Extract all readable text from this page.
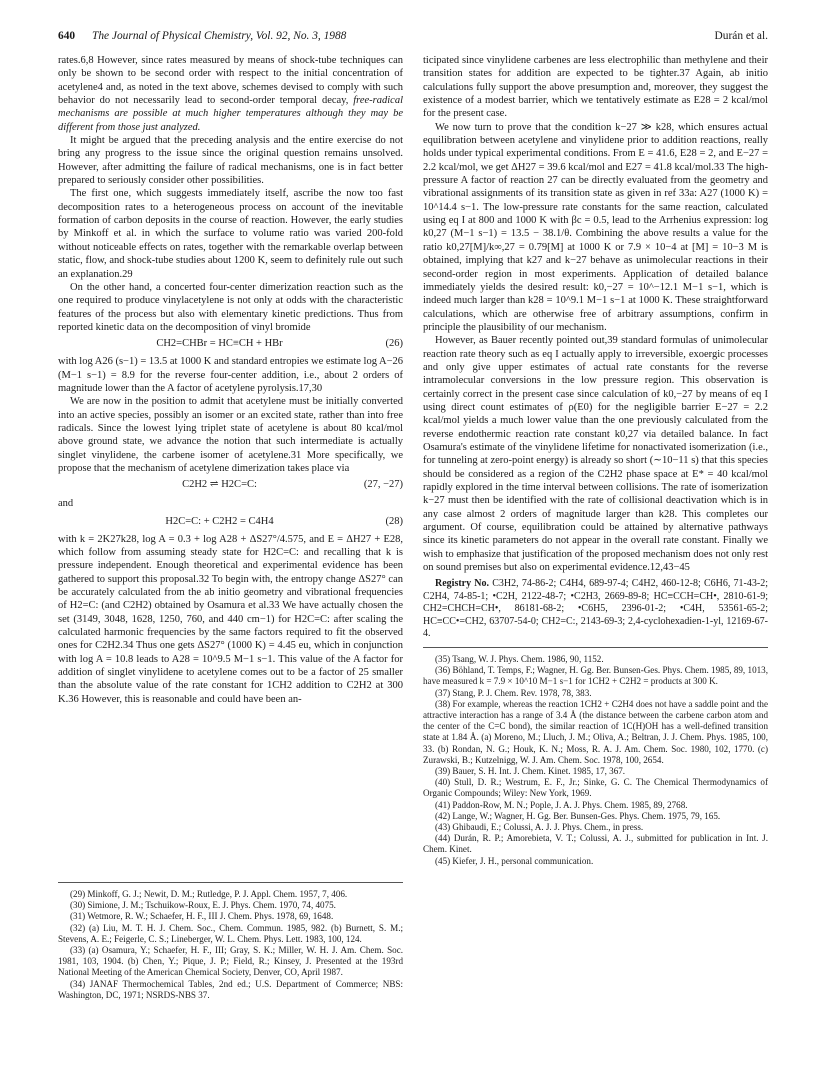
640 The Journal of Physical Chemistry, Vol. 92, No. 3, 1988	Durán et al.

rates.6,8 However, since rates measured by means of shock-tube techniques can only be shown to be second order with respect to the initial concentration of acetylene4 and, as noted in the text above, schemes devised to comply with such behavior do not necessarily lead to second-order temporal decay, free-radical mechanisms are possible at much higher temperatures although they may be different from those just analyzed.

It might be argued that the preceding analysis and the entire exercise do not bring any progress to the issue since the original question remains unsolved. However, after admitting the failure of radical mechanisms, one is in fact better prepared to seriously consider other possibilities.

The first one, which suggests immediately itself, ascribe the now too fast decomposition rates to a heterogeneous process on account of the inevitable formation of carbon deposits in the course of reaction. However, the early studies by Minkoff et al. in which the surface to volume ratio was varied 200-fold without noticeable effects on rates, together with the remarkable overlap between static, flow, and shock-tube studies about 1200 K, seem to definitely rule out such an explanation.29

On the other hand, a concerted four-center dimerization reaction such as the one required to produce vinylacetylene is not only at odds with the characteristic features of the process but also with elementary kinetic predictions. Thus from reported kinetic data on the decomposition of vinyl bromide

CH2=CHBr = HC≡CH + HBr	(26)

with log A26 (s−1) = 13.5 at 1000 K and standard entropies we estimate log A−26 (M−1 s−1) = 8.9 for the reverse four-center addition, i.e., about 2 orders of magnitude lower than the A factor of acetylene pyrolysis.17,30

We are now in the position to admit that acetylene must be initially converted into an active species, possibly an isomer or an excited state, rather than into free radicals. Since the lowest lying triplet state of acetylene is about 80 kcal/mol above ground state, we advance the notion that such intermediate is actually singlet vinylidene, the carbene isomer of acetylene.31 More specifically, we propose that the mechanism of acetylene dimerization takes place via

C2H2 ⇌ H2C=C:	(27, −27)
and
H2C=C: + C2H2 = C4H4	(28)

with k = 2K27k28, log A = 0.3 + log A28 + ΔS27°/4.575, and E = ΔH27 + E28, which follow from assuming steady state for H2C=C: and recalling that k is pressure independent. Enough theoretical and experimental evidence has been gathered to support this proposal.32 To begin with, the entropy change ΔS27° can be accurately calculated from the ab initio geometry and vibrational frequencies of H2=C: (and C2H2) obtained by Osamura et al.33 We have actually chosen the set (3149, 3048, 1628, 1250, 760, and 440 cm−1) for H2C=C: after scaling the calculated harmonic frequencies by the same factors required to fit the observed ones for C2H2.34 Thus one gets ΔS27° (1000 K) = 4.45 eu, which in conjunction with log A = 10.8 leads to A28 = 10^9.5 M−1 s−1. This value of the A factor for addition of singlet vinylidene to acetylene comes out to be a factor of 25 smaller than the absolute value of the rate constant for 1CH2 addition to C2H2 at 300 K.36 However, this is reasonable and could have been an-

ticipated since vinylidene carbenes are less electrophilic than methylene and their transition states for addition are expected to be tighter.37 Again, ab initio calculations fully support the above presumption and, moreover, they suggest the existence of a modest barrier, which we tentatively estimate as E28 = 2 kcal/mol for the present case.

We now turn to prove that the condition k−27 ≫ k28, which ensures actual equilibration between acetylene and vinylidene prior to addition reactions, really holds under typical experimental conditions. From E = 41.6, E28 = 2, and E−27 = 2.2 kcal/mol, we get ΔH27 = 39.6 kcal/mol and E27 = 41.8 kcal/mol.33 The high-pressure A factor of reaction 27 can be directly evaluated from the geometry and vibrational assignments of its transition state as given in ref 33a: A27 (1000 K) = 10^14.4 s−1. The low-pressure rate constants for the same reaction, calculated using eq I at 800 and 1000 K with βc = 0.5, lead to the Arrhenius expression: log k0,27 (M−1 s−1) = 13.5 − 38.1/θ. Combining the above results a value for the ratio k0,27[M]/k∞,27 = 0.79[M] at 1000 K or 7.9 × 10−4 at [M] = 10−3 M is obtained, implying that k27 and k−27 behave as unimolecular reactions in their second-order region in most experiments. Application of detailed balance immediately yields the desired result: k0,−27 = 10^−12.1 M−1 s−1, which is indeed much larger than k28 = 10^9.1 M−1 s−1 at 1000 K. These straightforward calculations, which are otherwise free of arbitrary assumptions, confirm in principle the plausibility of our mechanism.

However, as Bauer recently pointed out,39 standard formulas of unimolecular reaction rate theory such as eq I actually apply to irreversible, exoergic processes and only give upper estimates of actual rate constants for the reverse intramolecular conversions in the low pressure region. This observation is certainly correct in the present case since calculation of k0,−27 by means of eq I using direct count estimates of ρ(E0) for the negligible barrier E−27 = 2.2 kcal/mol yields a much lower value than the one previously calculated from the reverse endothermic reaction rate constant k0,27 via detailed balance. In fact Osamura's estimate of the vinylidene lifetime for nonactivated isomerization (i.e., for tunneling at zero-point energy) is already so short (∼10−11 s) that this species should be considered as a region of the C2H2 phase space at E* = 40 kcal/mol rapidly explored in the time interval between collisions. The rate of isomerization k−27 must then be identified with the rate of collisional deactivation which is in any case almost 2 orders of magnitude larger than k28. This completes our argument. Of course, equilibration could be attained by alternative pathways since its kinetic parameters do not appear in the overall rate constant. Finally we wish to emphasize that justification of the proposed mechanism does not only rest on sound premises but also on experimental evidence.12,43−45

Registry No. C3H2, 74-86-2; C4H4, 689-97-4; C4H2, 460-12-8; C6H6, 71-43-2; C2H4, 74-85-1; •C2H, 2122-48-7; •C2H3, 2669-89-8; HC≡CCH=CH•, 2810-61-9; CH2=CHCH=CH•, 86181-68-2; •C6H5, 2396-01-2; •C4H, 53561-65-2; HC≡CC•=CH2, 63707-54-0; CH2=C:, 2143-69-3; 2,4-cyclohexadien-1-yl, 12169-67-4.
(35) Tsang, W. J. Phys. Chem. 1986, 90, 1152.
(36) Böhland, T. Temps, F.; Wagner, H. Gg. Ber. Bunsen-Ges. Phys. Chem. 1985, 89, 1013, have measured k = 7.9 × 10^10 M−1 s−1 for 1CH2 + C2H2 = products at 300 K.
(37) Stang, P. J. Chem. Rev. 1978, 78, 383.
(38) For example, whereas the reaction 1CH2 + C2H4 does not have a saddle point and the attractive interaction has a range of 3.4 Å (the distance between the carbene carbon atom and the center of the C=C bond), the similar reaction of 1C(H)OH has a well-defined transition state at 1.84 Å. (a) Moreno, M.; Lluch, J. M.; Oliva, A.; Beltran, J. J. Chem. Phys. 1985, 100, 33. (b) Rondan, N. G.; Houk, K. N.; Moss, R. A. J. Am. Chem. Soc. 1980, 102, 1770. (c) Zurawski, B.; Kutzelnigg, W. J. Am. Chem. Soc. 1978, 100, 2654.
(39) Bauer, S. H. Int. J. Chem. Kinet. 1985, 17, 367.
(40) Stull, D. R.; Westrum, E. F., Jr.; Sinke, G. C. The Chemical Thermodynamics of Organic Compounds; Wiley: New York, 1969.
(41) Paddon-Row, M. N.; Pople, J. A. J. Phys. Chem. 1985, 89, 2768.
(42) Lange, W.; Wagner, H. Gg. Ber. Bunsen-Ges. Phys. Chem. 1975, 79, 165.
(43) Ghibaudi, E.; Colussi, A. J. J. Phys. Chem., in press.
(44) Durán, R. P.; Amorebieta, V. T.; Colussi, A. J., submitted for publication in Int. J. Chem. Kinet.
(45) Kiefer, J. H., personal communication.
(29) Minkoff, G. J.; Newit, D. M.; Rutledge, P. J. Appl. Chem. 1957, 7, 406.
(30) Simione, J. M.; Tschuikow-Roux, E. J. Phys. Chem. 1970, 74, 4075.
(31) Wetmore, R. W.; Schaefer, H. F., III J. Chem. Phys. 1978, 69, 1648.
(32) (a) Liu, M. T. H. J. Chem. Soc., Chem. Commun. 1985, 982. (b) Burnett, S. M.; Stevens, A. E.; Feigerle, C. S.; Lineberger, W. L. Chem. Phys. Lett. 1983, 100, 124.
(33) (a) Osamura, Y.; Schaefer, H. F., III; Gray, S. K.; Miller, W. H. J. Am. Chem. Soc. 1981, 103, 1904. (b) Chen, Y.; Pique, J. P.; Field, R.; Kinsey, J. Presented at the 193rd National Meeting of the American Chemical Society, Denver, CO, April 1987.
(34) JANAF Thermochemical Tables, 2nd ed.; U.S. Department of Commerce; NBS: Washington, DC, 1971; NSRDS-NBS 37.
